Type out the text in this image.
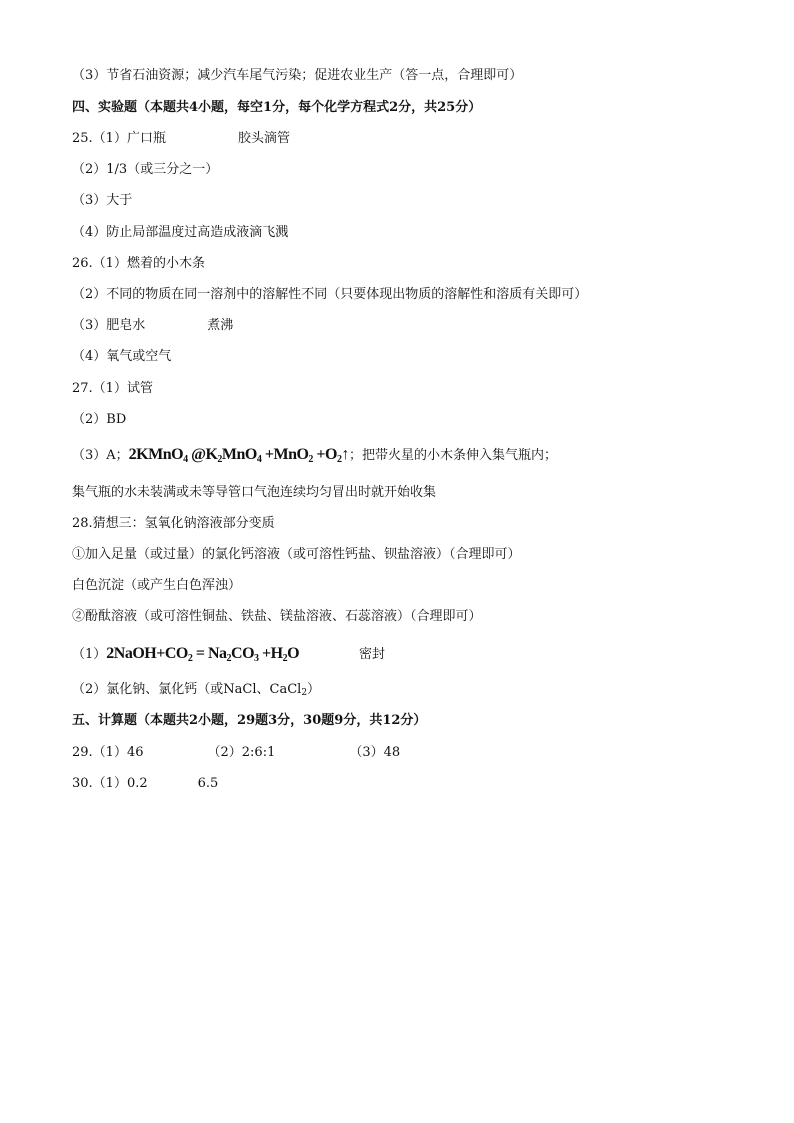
（3）节省石油资源；减少汽车尾气污染；促进农业生产（答一点，合理即可）
四、实验题（本题共4小题，每空1分，每个化学方程式2分，共25分）
25.（1）广口瓶	胶头滴管
（2）1/3（或三分之一）
（3）大于
（4）防止局部温度过高造成液滴飞溅
26.（1）燃着的小木条
（2）不同的物质在同一溶剂中的溶解性不同（只要体现出物质的溶解性和溶质有关即可）
（3）肥皂水	煮沸
（4）氧气或空气
27.（1）试管
（2）BD
（3）A；2KMnO$_4$ $@K_2MnO_4 +MnO_2$ $+O_2↑$；把带火星的小木条伸入集气瓶内；
集气瓶的水未装满或未等导管口气泡连续均匀冒出时就开始收集
28.猜想三：氢氧化钠溶液部分变质
①加入足量（或过量）的氯化钙溶液（或可溶性钙盐、钡盐溶液）（合理即可）
白色沉淀（或产生白色浑浊）
②酚酞溶液（或可溶性铜盐、铁盐、镁盐溶液、石蕊溶液）（合理即可）
$(1)2NaOH+CO_2 = Na_2CO_3 +H_2O$	密封
（2）氯化钠、氯化钙（或NaCl、CaCl2）
五、计算题（本题共2小题，29题3分，30题9分，共12分）
29.（1）46	（2）2:6:1	（3）48
30.（1）0.2	6.5
